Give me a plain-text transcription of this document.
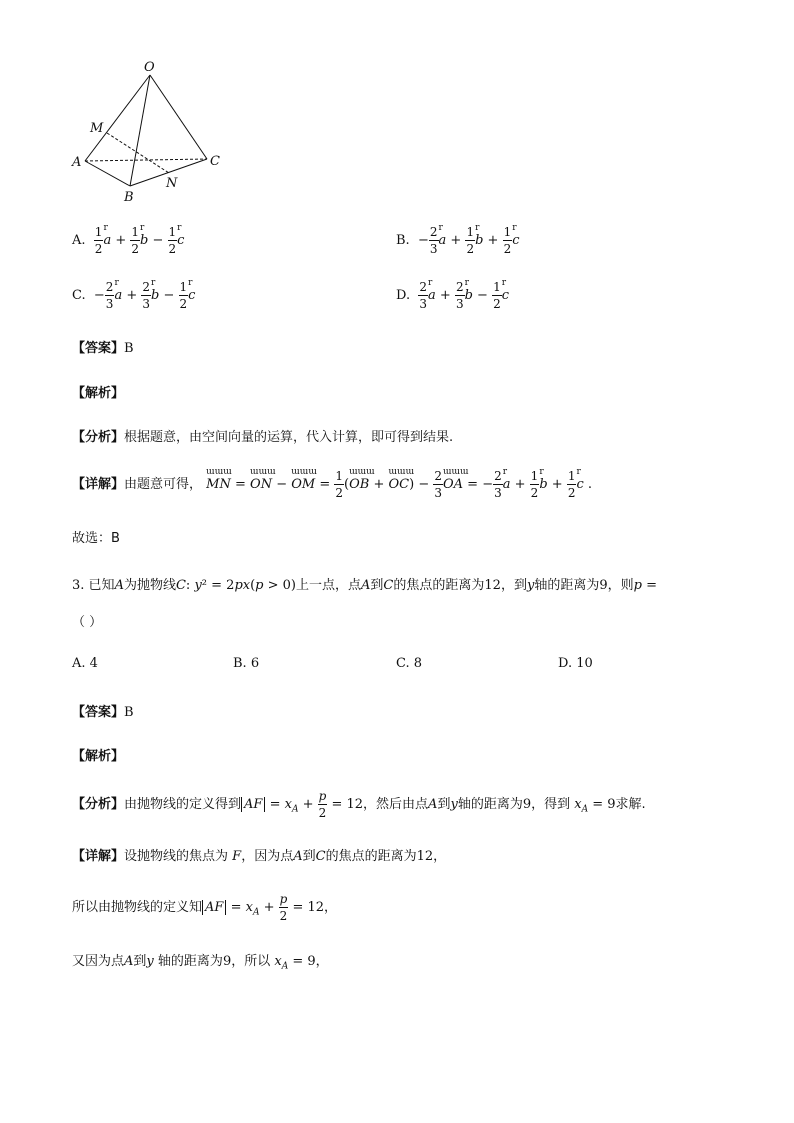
O
M
A	C
N
B
A. $\frac{1}{2}$ a
r
+ $\frac{1}{2}$ b
r
− $\frac{1}{2}$ c
r
B.  − $\frac{2}{3}$ a
r
+ $\frac{1}{2}$ b
r
+ $\frac{1}{2}$ c
r
C.  − $\frac{2}{3}$ a
r
+ $\frac{2}{3}$ b
r
− $\frac{1}{2}$ c
r
D. $\frac{2}{3}$ a
r
+ $\frac{2}{3}$ b
r
− $\frac{1}{2}$ c
r
【答案】B
【解析】
【分析】根据题意，由空间向量的运算，代入计算，即可得到结果.
【详解】由题意可得， MN
ɯɯɯ
= ON
ɯɯɯ
− OM
ɯɯɯ
= $\frac{1}{2} (OB$
ɯɯɯ
+ OC
ɯɯɯ
) − $\frac{2}{3}$ OA
ɯɯɯ
= − $\frac{2}{3}$ a
r
+ $\frac{1}{2}$ b
r
+ $\frac{1}{2}$ c
r
.
故选：B
3. 已知A为抛物线C: y² = 2px(p > 0)上一点，点A到C的焦点的距离为12，到y轴的距离为9，则p =
（ ）
A. 4	B. 6	C. 8	D. 10
【答案】B
【解析】
【分析】由抛物线的定义得到 AF = $x_A + \frac{p}{2} = 12$，然后由点A到y轴的距离为9，得到 $x_A = 9$求解.
【详解】设抛物线的焦点为 F，因为点A到C的焦点的距离为12，
所以由抛物线的定义知 AF = $x_A + \frac{p}{2} = 12$，
又因为点A到y 轴的距离为9，所以 $x_A = 9$，
